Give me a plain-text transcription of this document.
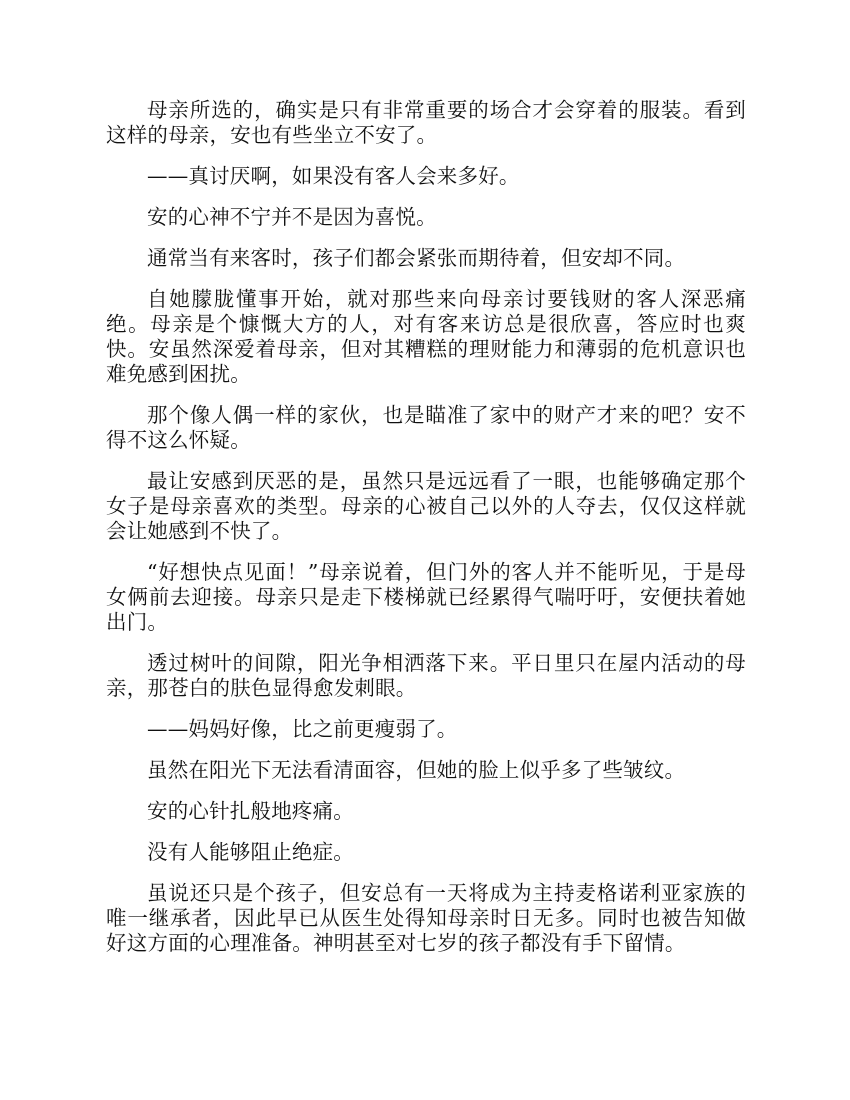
母亲所选的，确实是只有非常重要的场合才会穿着的服装。看到这样的母亲，安也有些坐立不安了。

——真讨厌啊，如果没有客人会来多好。

安的心神不宁并不是因为喜悦。

通常当有来客时，孩子们都会紧张而期待着，但安却不同。

自她朦胧懂事开始，就对那些来向母亲讨要钱财的客人深恶痛绝。母亲是个慷慨大方的人，对有客来访总是很欣喜，答应时也爽快。安虽然深爱着母亲，但对其糟糕的理财能力和薄弱的危机意识也难免感到困扰。

那个像人偶一样的家伙，也是瞄准了家中的财产才来的吧？安不得不这么怀疑。

最让安感到厌恶的是，虽然只是远远看了一眼，也能够确定那个女子是母亲喜欢的类型。母亲的心被自己以外的人夺去，仅仅这样就会让她感到不快了。

“好想快点见面！”母亲说着，但门外的客人并不能听见，于是母女俩前去迎接。母亲只是走下楼梯就已经累得气喘吁吁，安便扶着她出门。

透过树叶的间隙，阳光争相洒落下来。平日里只在屋内活动的母亲，那苍白的肤色显得愈发刺眼。

——妈妈好像，比之前更瘦弱了。

虽然在阳光下无法看清面容，但她的脸上似乎多了些皱纹。

安的心针扎般地疼痛。

没有人能够阻止绝症。

虽说还只是个孩子，但安总有一天将成为主持麦格诺利亚家族的唯一继承者，因此早已从医生处得知母亲时日无多。同时也被告知做好这方面的心理准备。神明甚至对七岁的孩子都没有手下留情。
